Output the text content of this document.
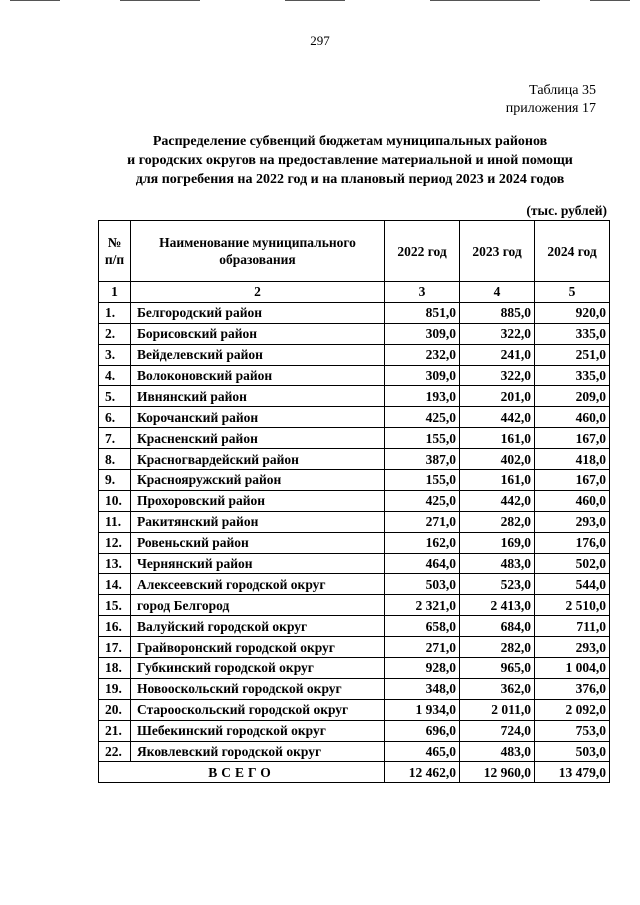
297
Таблица 35
приложения 17
Распределение субвенций бюджетам муниципальных районов
и городских округов на предоставление материальной и иной помощи
для погребения на 2022 год и на плановый период 2023 и 2024 годов
(тыс. рублей)
№ п/п	Наименование муниципального образования	2022 год	2023 год	2024 год
1	2	3	4	5
1.	Белгородский район	851,0	885,0	920,0
2.	Борисовский район	309,0	322,0	335,0
3.	Вейделевский район	232,0	241,0	251,0
4.	Волоконовский район	309,0	322,0	335,0
5.	Ивнянский район	193,0	201,0	209,0
6.	Корочанский район	425,0	442,0	460,0
7.	Красненский район	155,0	161,0	167,0
8.	Красногвардейский район	387,0	402,0	418,0
9.	Краснояружский район	155,0	161,0	167,0
10.	Прохоровский район	425,0	442,0	460,0
11.	Ракитянский район	271,0	282,0	293,0
12.	Ровеньский район	162,0	169,0	176,0
13.	Чернянский район	464,0	483,0	502,0
14.	Алексеевский городской округ	503,0	523,0	544,0
15.	город Белгород	2 321,0	2 413,0	2 510,0
16.	Валуйский городской округ	658,0	684,0	711,0
17.	Грайворонский городской округ	271,0	282,0	293,0
18.	Губкинский городской округ	928,0	965,0	1 004,0
19.	Новооскольский городской округ	348,0	362,0	376,0
20.	Старооскольский городской округ	1 934,0	2 011,0	2 092,0
21.	Шебекинский городской округ	696,0	724,0	753,0
22.	Яковлевский городской округ	465,0	483,0	503,0
ВСЕГО		12 462,0	12 960,0	13 479,0
